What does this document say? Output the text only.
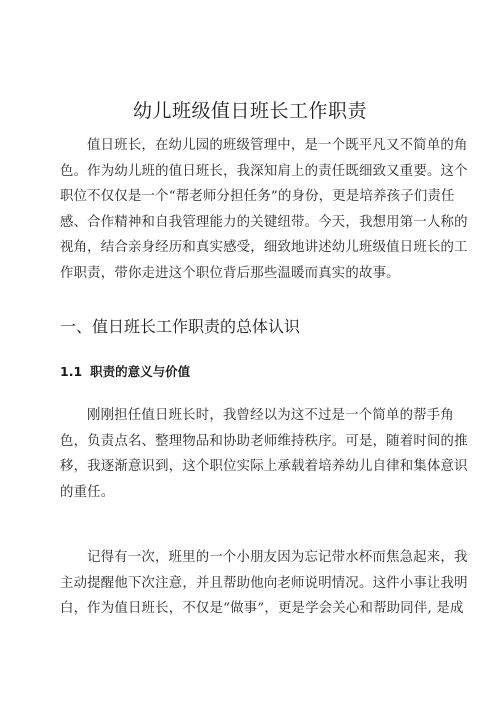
幼儿班级值日班长工作职责

值日班长，在幼儿园的班级管理中，是一个既平凡又不简单的角
色。作为幼儿班的值日班长，我深知肩上的责任既细致又重要。这个
职位不仅仅是一个“帮老师分担任务”的身份，更是培养孩子们责任
感、合作精神和自我管理能力的关键纽带。今天，我想用第一人称的
视角，结合亲身经历和真实感受，细致地讲述幼儿班级值日班长的工
作职责，带你走进这个职位背后那些温暖而真实的故事。

一、值日班长工作职责的总体认识
1.1 职责的意义与价值

刚刚担任值日班长时，我曾经以为这不过是一个简单的帮手角
色，负责点名、整理物品和协助老师维持秩序。可是，随着时间的推
移，我逐渐意识到，这个职位实际上承载着培养幼儿自律和集体意识
的重任。

记得有一次，班里的一个小朋友因为忘记带水杯而焦急起来，我
主动提醒他下次注意，并且帮助他向老师说明情况。这件小事让我明
白，作为值日班长，不仅是“做事”，更是学会关心和帮助同伴, 是成
